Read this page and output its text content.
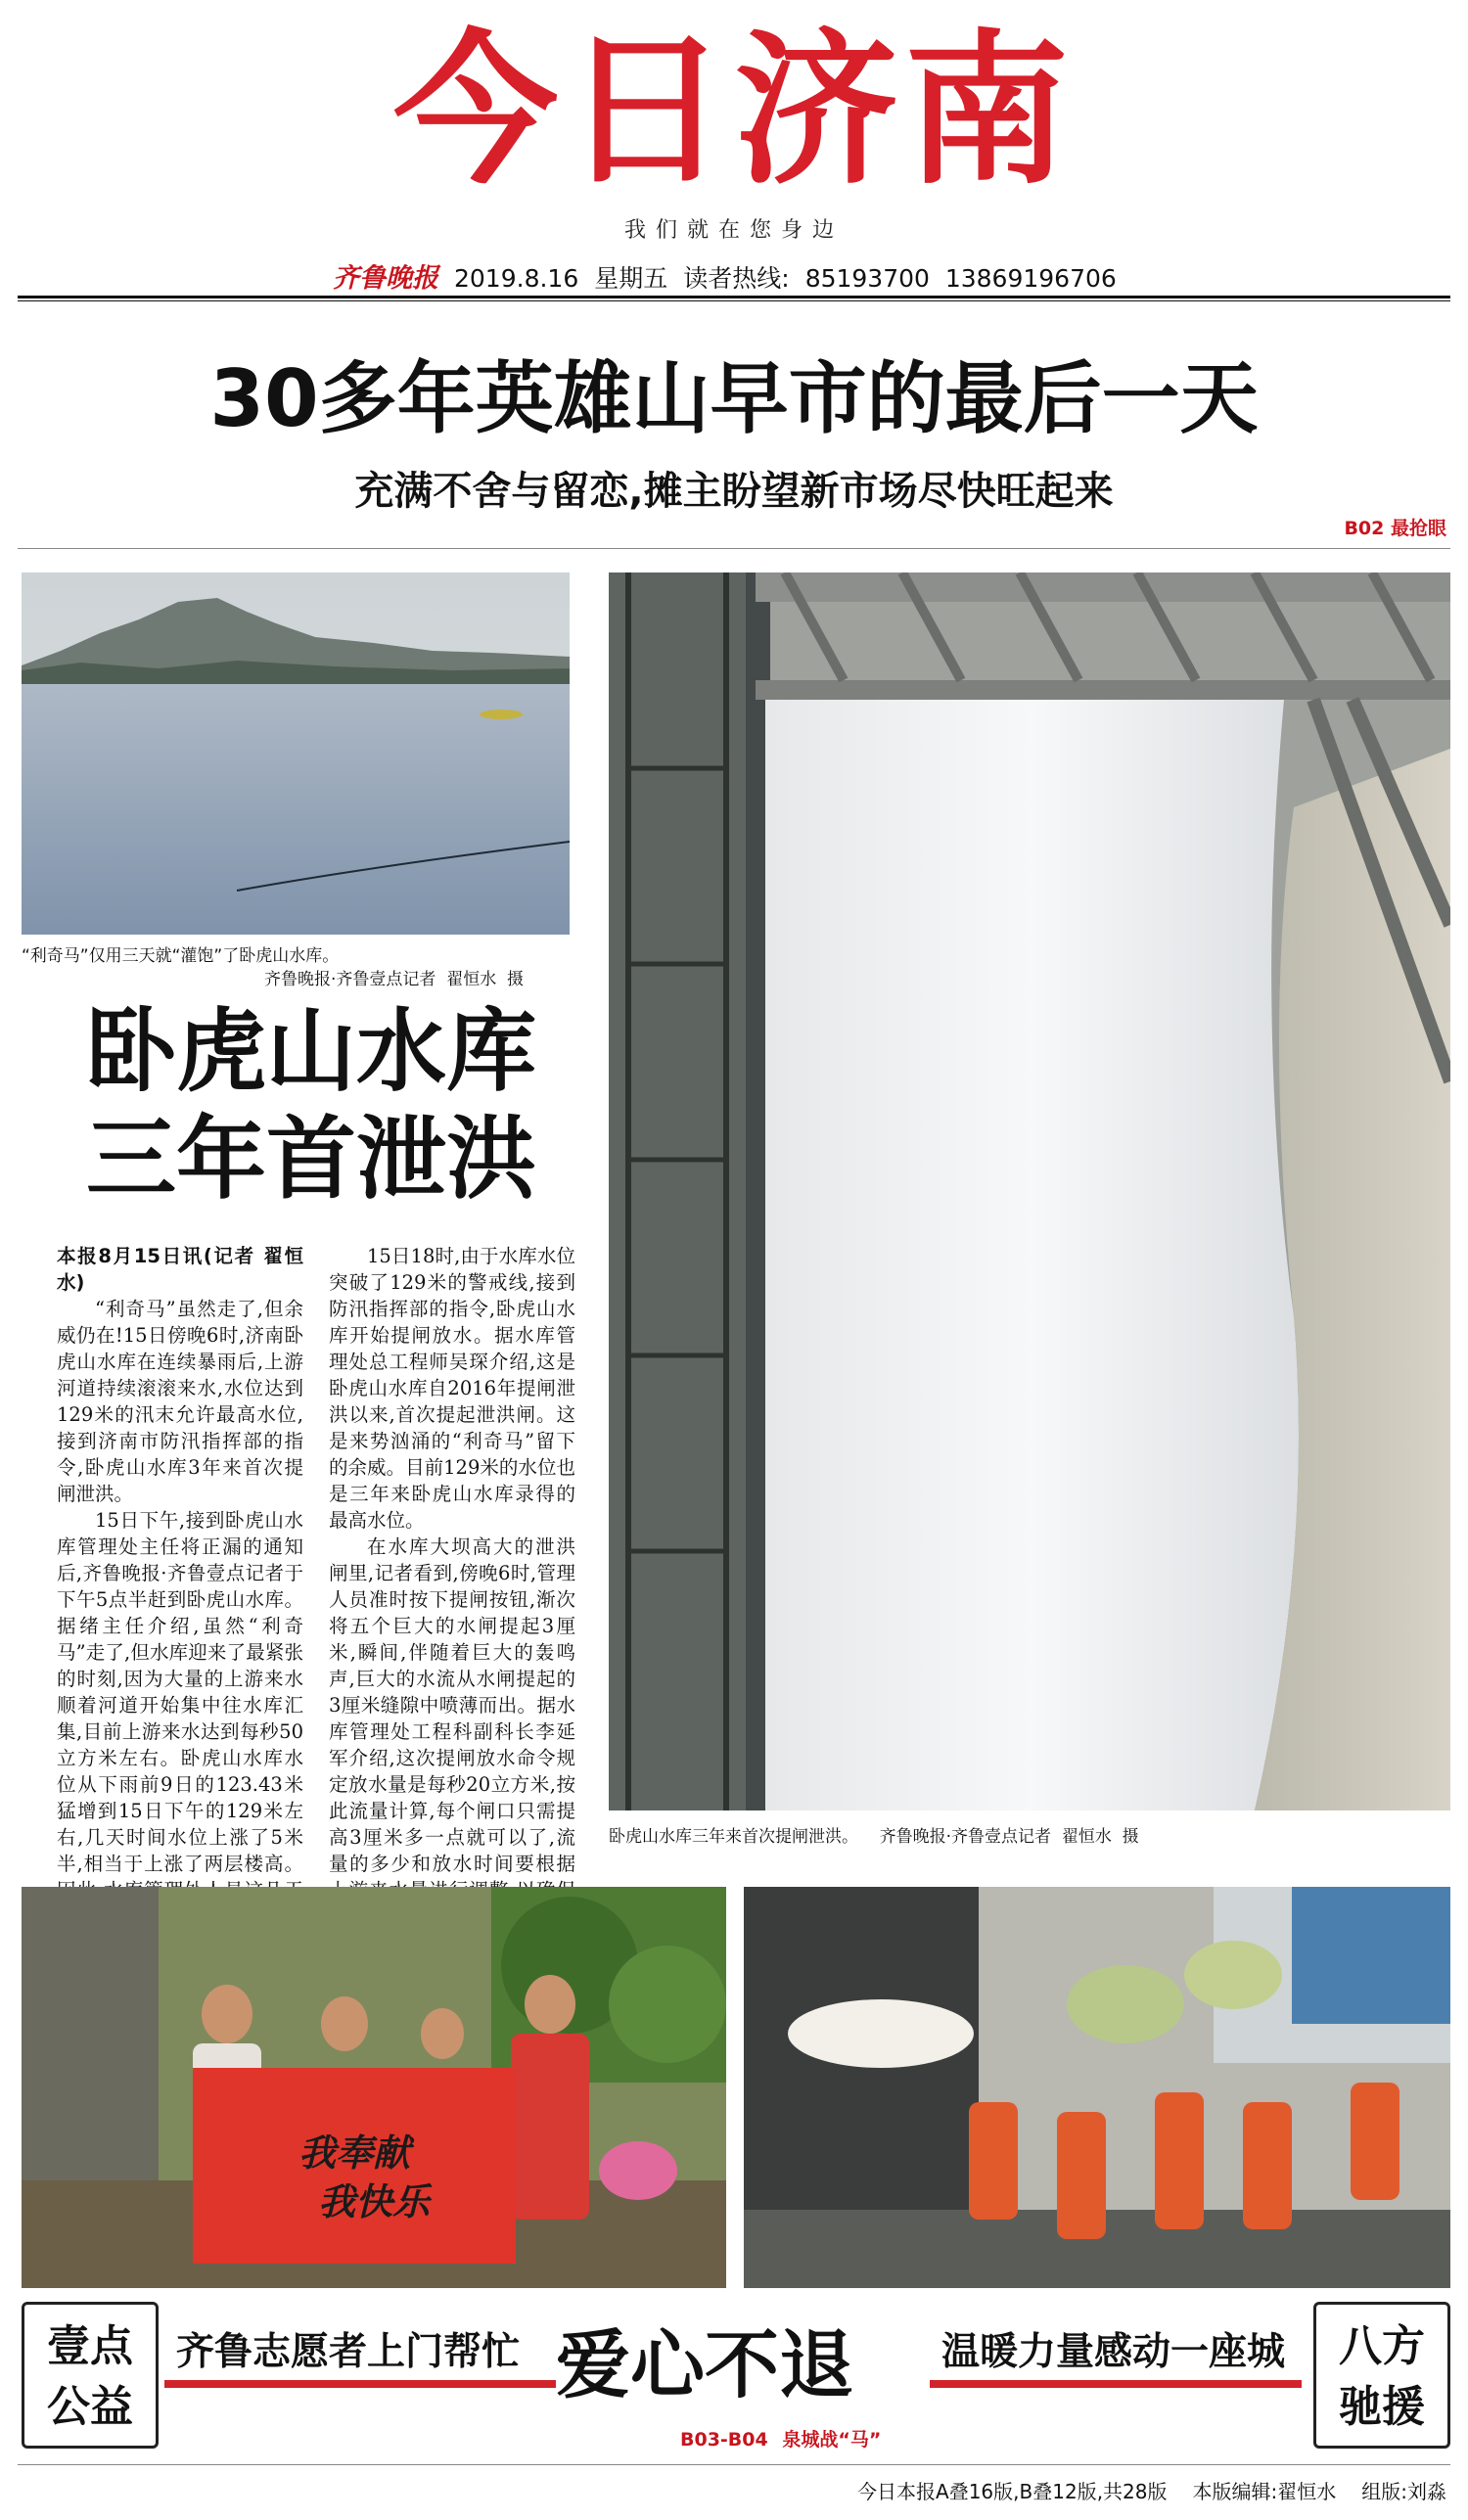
今日济南
我们就在您身边
齐鲁晚报 2019.8.16 星期五 读者热线: 85193700  13869196706
30多年英雄山早市的最后一天
充满不舍与留恋,摊主盼望新市场尽快旺起来
B02 最抢眼
“利奇马”仅用三天就“灌饱”了卧虎山水库。
齐鲁晚报·齐鲁壹点记者  翟恒水  摄
卧虎山水库
三年首泄洪

本报8月15日讯(记者 翟恒水)

“利奇马”虽然走了,但余威仍在!15日傍晚6时,济南卧虎山水库在连续暴雨后,上游河道持续滚滚来水,水位达到129米的汛末允许最高水位,接到济南市防汛指挥部的指令,卧虎山水库3年来首次提闸泄洪。

15日下午,接到卧虎山水库管理处主任将正漏的通知后,齐鲁晚报·齐鲁壹点记者于下午5点半赶到卧虎山水库。据绪主任介绍,虽然“利奇马”走了,但水库迎来了最紧张的时刻,因为大量的上游来水顺着河道开始集中往水库汇集,目前上游来水达到每秒50立方米左右。卧虎山水库水位从下雨前9日的123.43米猛增到15日下午的129米左右,几天时间水位上涨了5米半,相当于上涨了两层楼高。

15日18时,由于水库水位突破了129米的警戒线,接到防汛指挥部的指令,卧虎山水库开始提闸放水。据水库管理处总工程师吴琛介绍,这是卧虎山水库自2016年提闸泄洪以来,首次提起泄洪闸。这是来势汹涌的“利奇马”留下的余威。目前129米的水位也是三年来卧虎山水库录得的最高水位。

在水库大坝高大的泄洪闸里,记者看到,傍晚6时,管理人员准时按下提闸按钮,渐次将五个巨大的水闸提起3厘米,瞬间,伴随着巨大的轰鸣声,巨大的水流从水闸提起的3厘米缝隙中喷薄而出。据水库管理处工程科副科长李延军介绍,这次提闸放水命令规定放水量是每秒20立方米,按此流量计算,每个闸口只需提高3厘米多一点就可以了,流量的多少和放水时间要根据

卧虎山水库三年来首次提闸泄洪。 齐鲁晚报·齐鲁壹点记者  翟恒水  摄
我奉献
我快乐
壹点公益
八方驰援
齐鲁志愿者上门帮忙 爱心不退 温暖力量感动一座城
B03-B04 泉城战“马”
今日本报A叠16版,B叠12版,共28版 本版编辑:翟恒水 组版:刘淼
